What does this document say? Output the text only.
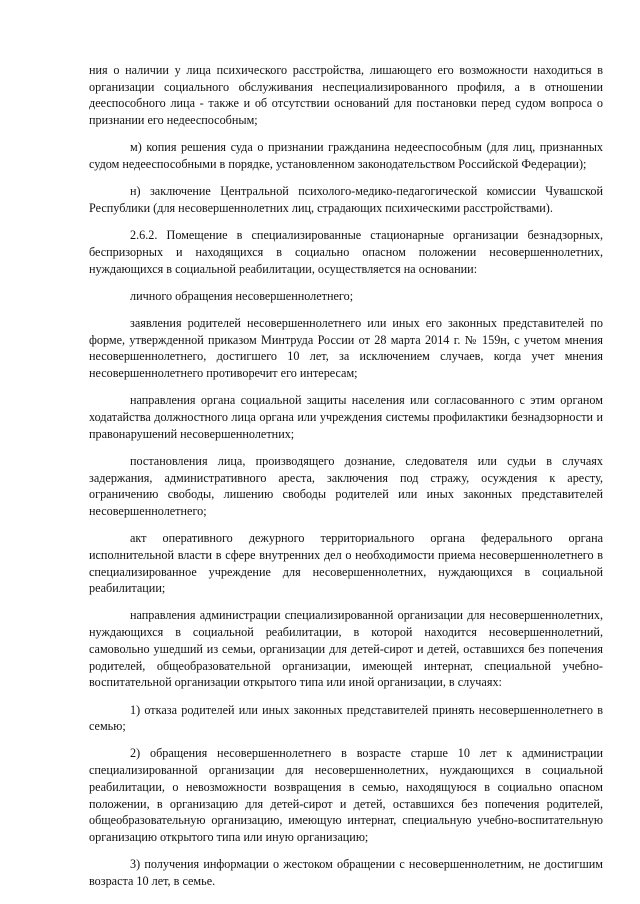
ния о наличии у лица психического расстройства, лишающего его возможности находиться в организации социального обслуживания неспециализированного профиля, а в отношении дееспособного лица - также и об отсутствии оснований для постановки перед судом вопроса о признании его недееспособным;

м) копия решения суда о признании гражданина недееспособным (для лиц, признанных судом недееспособными в порядке, установленном законодательством Российской Федерации);

н) заключение Центральной психолого-медико-педагогической комиссии Чувашской Республики (для несовершеннолетних лиц, страдающих психическими расстройствами).

2.6.2. Помещение в специализированные стационарные организации безнадзорных, беспризорных и находящихся в социально опасном положении несовершеннолетних, нуждающихся в социальной реабилитации, осуществляется на основании:

личного обращения несовершеннолетнего;

заявления родителей несовершеннолетнего или иных его законных представителей по форме, утвержденной приказом Минтруда России от 28 марта 2014 г. № 159н, с учетом мнения несовершеннолетнего, достигшего 10 лет, за исключением случаев, когда учет мнения несовершеннолетнего противоречит его интересам;

направления органа социальной защиты населения или согласованного с этим органом ходатайства должностного лица органа или учреждения системы профилактики безнадзорности и правонарушений несовершеннолетних;

постановления лица, производящего дознание, следователя или судьи в случаях задержания, административного ареста, заключения под стражу, осуждения к аресту, ограничению свободы, лишению свободы родителей или иных законных представителей несовершеннолетнего;

акт оперативного дежурного территориального органа федерального органа исполнительной власти в сфере внутренних дел о необходимости приема несовершеннолетнего в специализированное учреждение для несовершеннолетних, нуждающихся в социальной реабилитации;

направления администрации специализированной организации для несовершеннолетних, нуждающихся в социальной реабилитации, в которой находится несовершеннолетний, самовольно ушедший из семьи, организации для детей-сирот и детей, оставшихся без попечения родителей, общеобразовательной организации, имеющей интернат, специальной учебно-воспитательной организации открытого типа или иной организации, в случаях:

1) отказа родителей или иных законных представителей принять несовершеннолетнего в семью;

2) обращения несовершеннолетнего в возрасте старше 10 лет к администрации специализированной организации для несовершеннолетних, нуждающихся в социальной реабилитации, о невозможности возвращения в семью, находящуюся в социально опасном положении, в организацию для детей-сирот и детей, оставшихся без попечения родителей, общеобразовательную организацию, имеющую интернат, специальную учебно-воспитательную организацию открытого типа или иную организацию;

3) получения информации о жестоком обращении с несовершеннолетним, не достигшим возраста 10 лет, в семье.
